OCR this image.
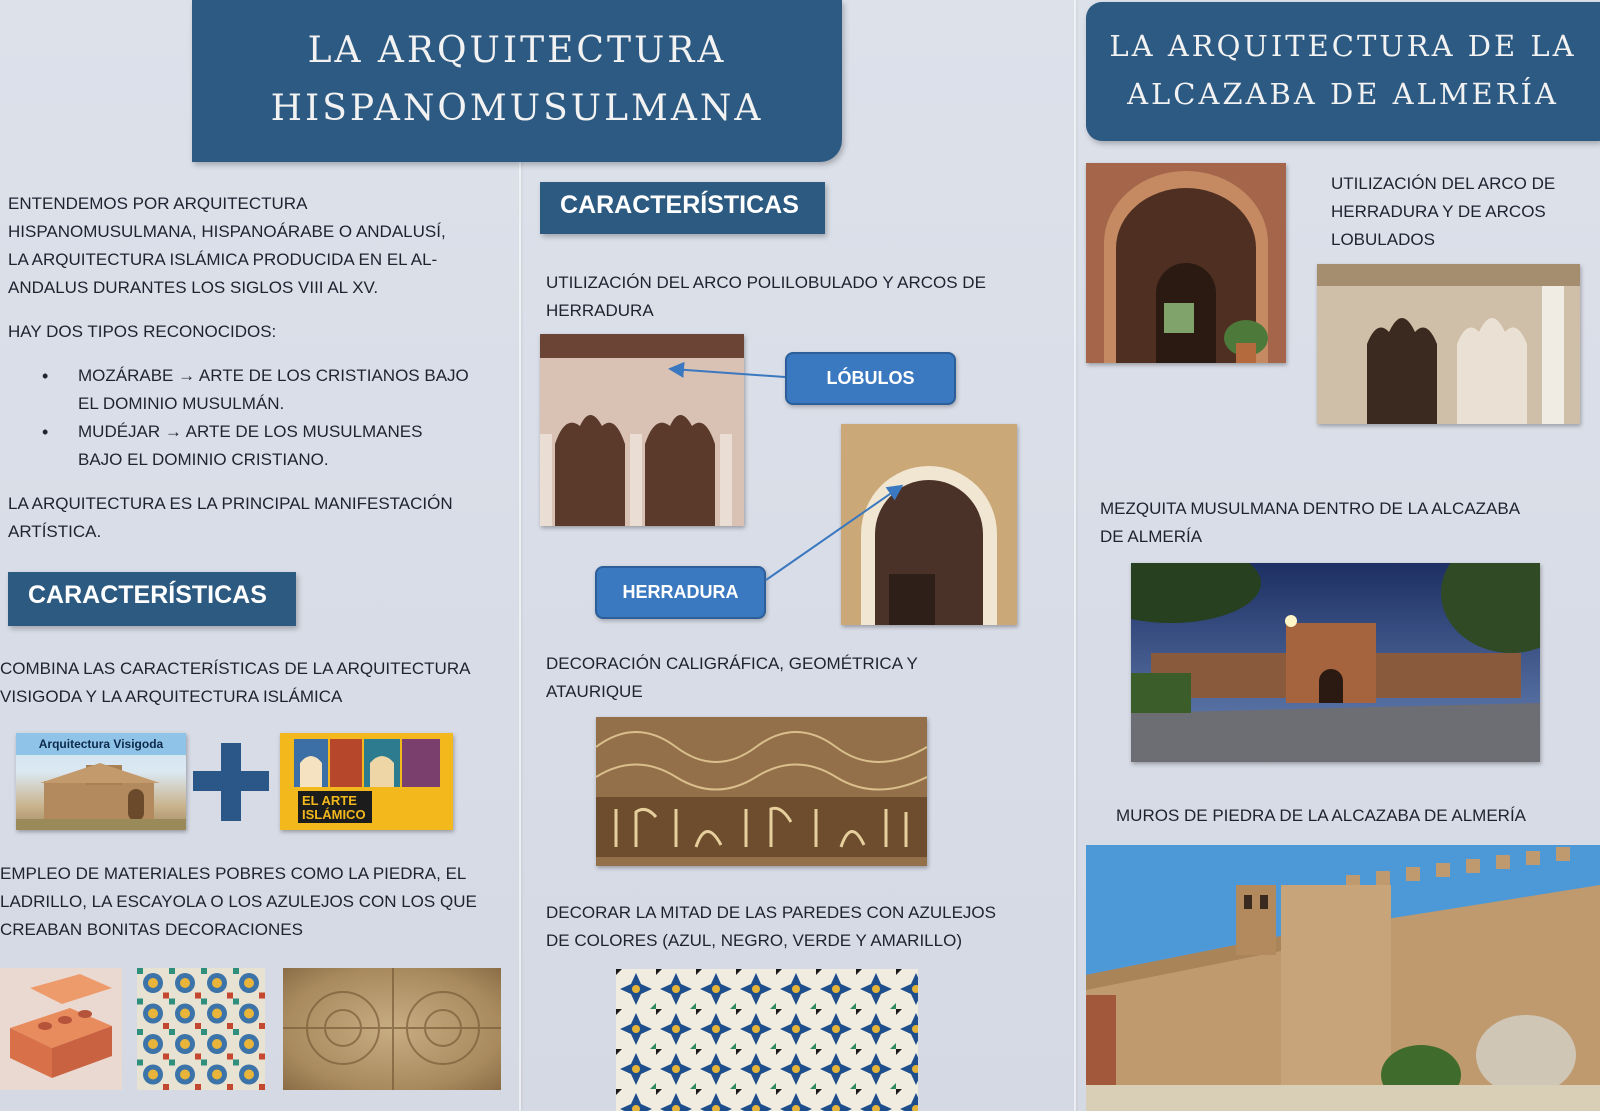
LA ARQUITECTURA
HISPANOMUSULMANA
ENTENDEMOS POR ARQUITECTURA
HISPANOMUSULMANA, HISPANOÁRABE O ANDALUSÍ,
LA ARQUITECTURA ISLÁMICA PRODUCIDA EN EL AL-
ANDALUS DURANTES LOS SIGLOS VIII AL XV.
HAY DOS TIPOS RECONOCIDOS:
• MOZÁRABE → ARTE DE LOS CRISTIANOS BAJO
EL DOMINIO MUSULMÁN.
• MUDÉJAR → ARTE DE LOS MUSULMANES
BAJO EL DOMINIO CRISTIANO.
LA ARQUITECTURA ES LA PRINCIPAL MANIFESTACIÓN
ARTÍSTICA.
CARACTERÍSTICAS
COMBINA LAS CARACTERÍSTICAS DE LA ARQUITECTURA
VISIGODA Y LA ARQUITECTURA ISLÁMICA
Arquitectura Visigoda
EL ARTE
ISLÁMICO
EMPLEO DE MATERIALES POBRES COMO LA PIEDRA, EL
LADRILLO, LA ESCAYOLA O LOS AZULEJOS CON LOS QUE
CREABAN BONITAS DECORACIONES
CARACTERÍSTICAS
UTILIZACIÓN DEL ARCO POLILOBULADO Y ARCOS DE
HERRADURA
LÓBULOS
HERRADURA
DECORACIÓN CALIGRÁFICA, GEOMÉTRICA Y
ATAURIQUE
DECORAR LA MITAD DE LAS PAREDES CON AZULEJOS
DE COLORES (AZUL, NEGRO, VERDE Y AMARILLO)
LA ARQUITECTURA DE LA
ALCAZABA DE ALMERÍA
UTILIZACIÓN DEL ARCO DE
HERRADURA Y DE ARCOS
LOBULADOS
MEZQUITA MUSULMANA DENTRO DE LA ALCAZABA
DE ALMERÍA
MUROS DE PIEDRA DE LA ALCAZABA DE ALMERÍA
